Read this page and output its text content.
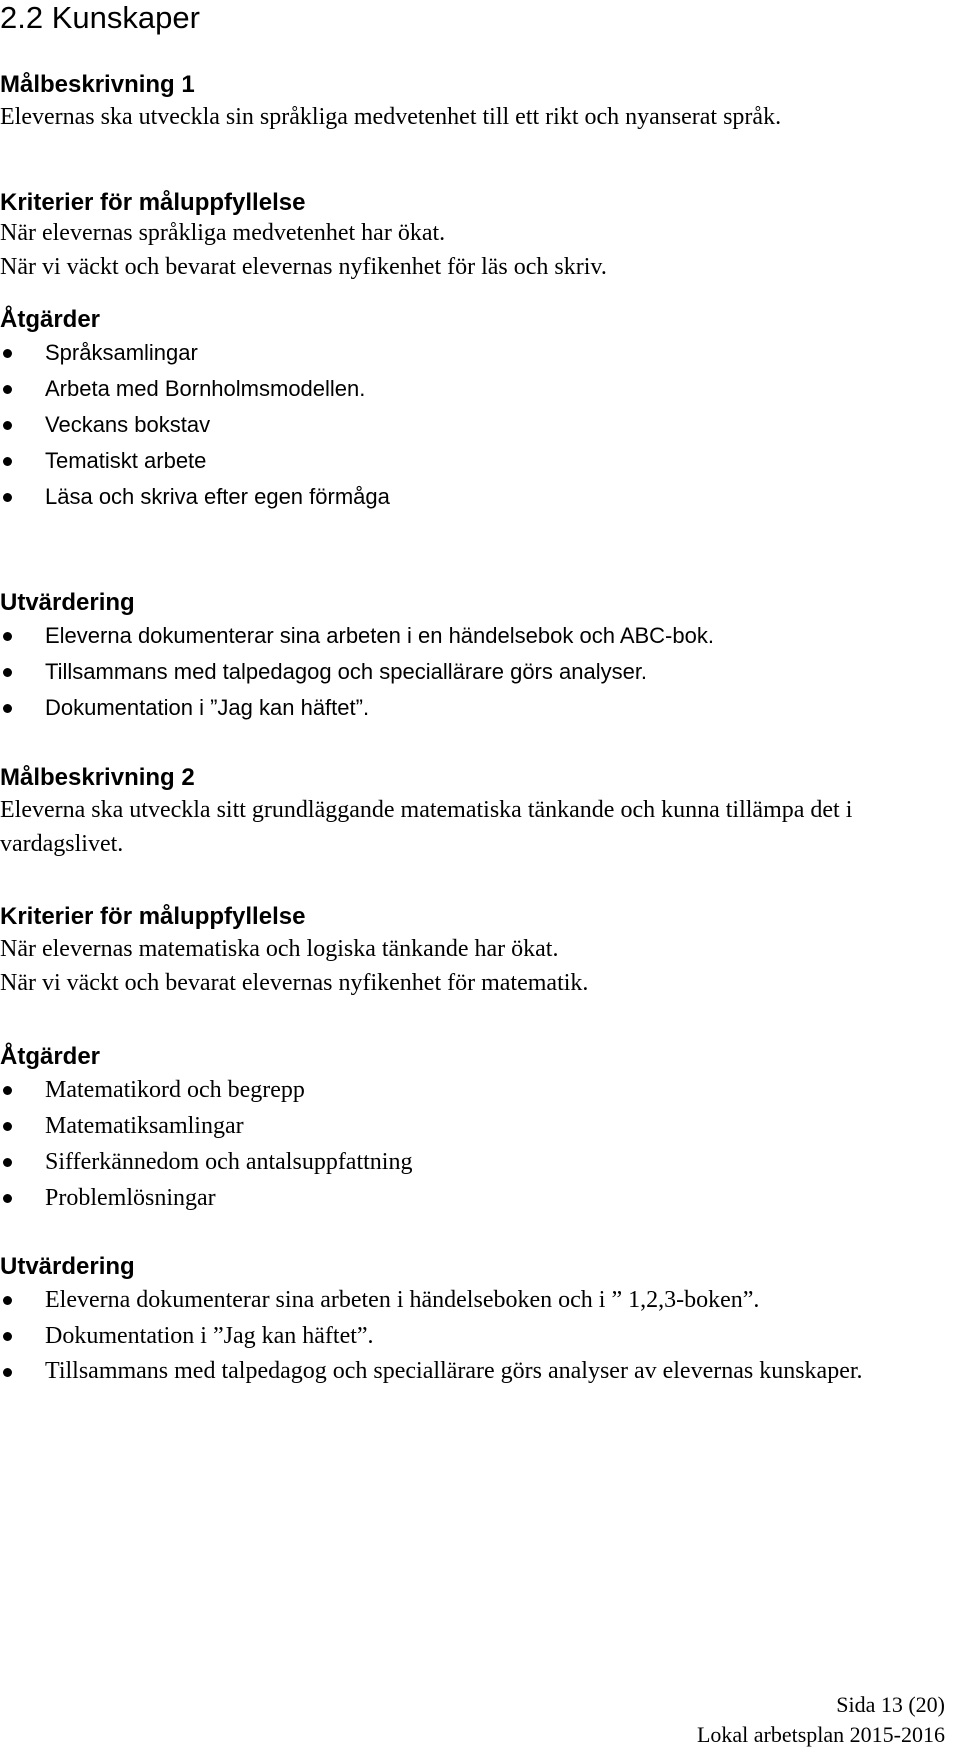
2.2 Kunskaper
Målbeskrivning 1
Elevernas ska utveckla sin språkliga medvetenhet till ett rikt och nyanserat språk.
Kriterier för måluppfyllelse
När elevernas språkliga medvetenhet har ökat.
När vi väckt och bevarat elevernas nyfikenhet för läs och skriv.
Åtgärder
Språksamlingar
Arbeta med Bornholmsmodellen.
Veckans bokstav
Tematiskt arbete
Läsa och skriva efter egen förmåga
Utvärdering
Eleverna dokumenterar sina arbeten i en händelsebok och ABC-bok.
Tillsammans med talpedagog och speciallärare görs analyser.
Dokumentation i ”Jag kan häftet”.
Målbeskrivning 2
Eleverna ska utveckla sitt grundläggande matematiska tänkande och kunna tillämpa det i vardagslivet.
Kriterier för måluppfyllelse
När elevernas matematiska och logiska tänkande har ökat.
När vi väckt och bevarat elevernas nyfikenhet för matematik.
Åtgärder
Matematikord och begrepp
Matematiksamlingar
Sifferkännedom och antalsuppfattning
Problemlösningar
Utvärdering
Eleverna dokumenterar sina arbeten i händelseboken och i ” 1,2,3-boken”.
Dokumentation i ”Jag kan häftet”.
Tillsammans med talpedagog och speciallärare görs analyser av elevernas kunskaper.
Sida 13 (20)
Lokal arbetsplan 2015-2016
